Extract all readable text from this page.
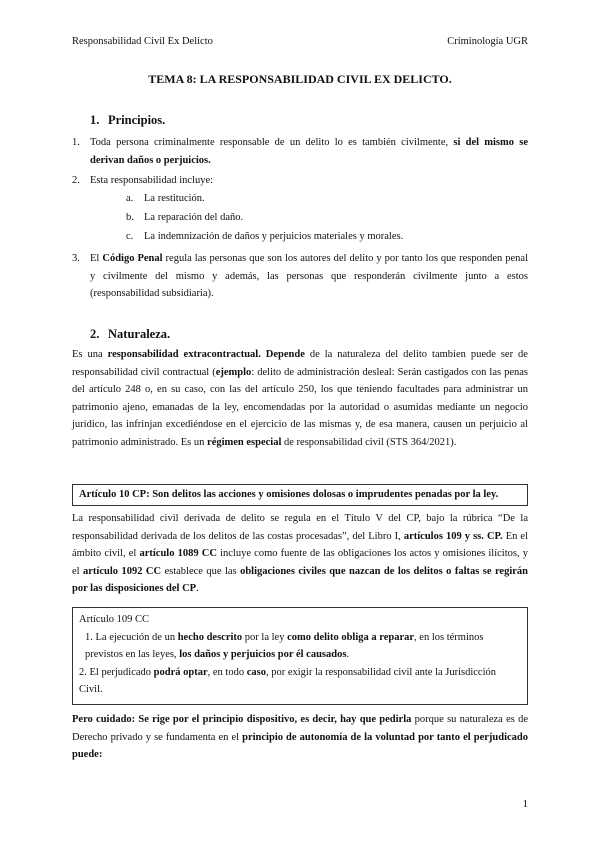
Responsabilidad Civil Ex Delicto	Criminología UGR
TEMA 8: LA RESPONSABILIDAD CIVIL EX DELICTO.
1. Principios.
1. Toda persona criminalmente responsable de un delito lo es también civilmente, si del mismo se derivan daños o perjuicios.
2. Esta responsabilidad incluye:
a. La restitución.
b. La reparación del daño.
c. La indemnización de daños y perjuicios materiales y morales.
3. El Código Penal regula las personas que son los autores del delito y por tanto los que responden penal y civilmente del mismo y además, las personas que responderán civilmente junto a estos (responsabilidad subsidiaria).
2. Naturaleza.
Es una responsabilidad extracontractual. Depende de la naturaleza del delito tambien puede ser de responsabilidad civil contractual (ejemplo: delito de administración desleal: Serán castigados con las penas del artículo 248 o, en su caso, con las del artículo 250, los que teniendo facultades para administrar un patrimonio ajeno, emanadas de la ley, encomendadas por la autoridad o asumidas mediante un negocio jurídico, las infrinjan excediéndose en el ejercicio de las mismas y, de esa manera, causen un perjuicio al patrimonio administrado. Es un régimen especial de responsabilidad civil (STS 364/2021).
Artículo 10 CP: Son delitos las acciones y omisiones dolosas o imprudentes penadas por la ley.
La responsabilidad civil derivada de delito se regula en el Título V del CP, bajo la rúbrica “De la responsabilidad derivada de los delitos de las costas procesadas”, del Libro I, artículos 109 y ss. CP. En el ámbito civil, el artículo 1089 CC incluye como fuente de las obligaciones los actos y omisiones ilícitos, y el artículo 1092 CC establece que las obligaciones civiles que nazcan de los delitos o faltas se regirán por las disposiciones del CP.
Artículo 109 CC
1. La ejecución de un hecho descrito por la ley como delito obliga a reparar, en los términos previstos en las leyes, los daños y perjuicios por él causados.
2. El perjudicado podrá optar, en todo caso, por exigir la responsabilidad civil ante la Jurisdicción Civil.
Pero cuidado: Se rige por el principio dispositivo, es decir, hay que pedirla porque su naturaleza es de Derecho privado y se fundamenta en el principio de autonomía de la voluntad por tanto el perjudicado puede:
1
